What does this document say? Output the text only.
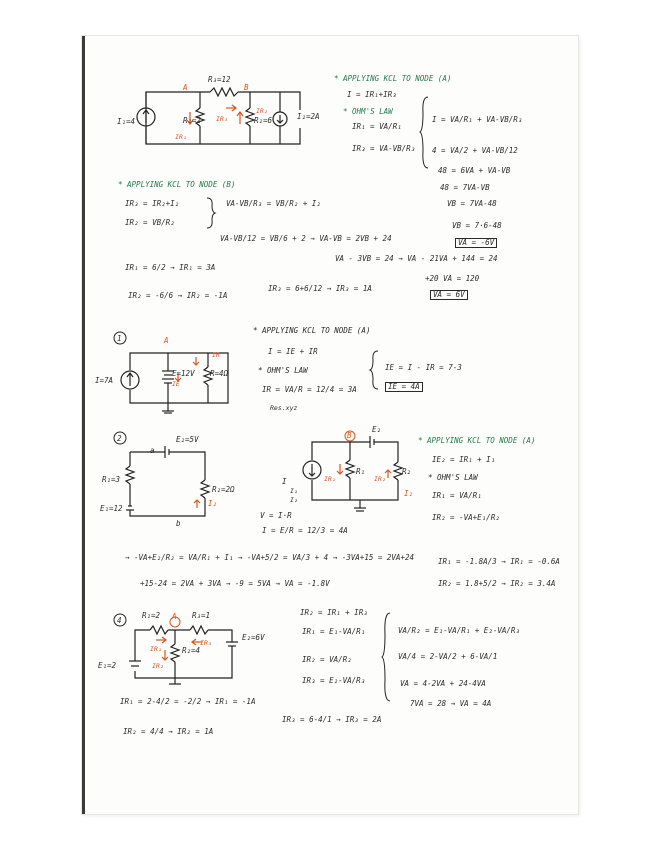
I₁=4	R₁=2	R₂=6
R₃=12
I₂=2A
A	B
IR₁
IR₂
IR₃
* APPLYING KCL TO NODE (A)
I = IR₁+IR₃
* OHM'S LAW
IR₁ = VA/R₁
IR₃ = VA-VB/R₃
I = VA/R₁ + VA-VB/R₃
4 = VA/2 + VA-VB/12
48 = 6VA + VA-VB
48 = 7VA-VB
VB = 7VA-48
VB = 7·6-48
VA = -6V
* APPLYING KCL TO NODE (B)
IR₃ = IR₂+I₂
IR₂ = VB/R₂
VA-VB/R₃ = VB/R₂ + I₂
VA-VB/12 = VB/6 + 2 → VA-VB = 2VB + 24
VA - 3VB = 24 → VA - 21VA + 144 = 24
+20 VA = 120
VA = 6V
IR₁ = 6/2 → IR₁ = 3A
IR₂ = -6/6 → IR₂ = -1A
IR₃ = 6+6/12 → IR₃ = 1A
1
I=7A
E=12V R=4Ω
A
IR
IE
* APPLYING KCL TO NODE (A)
I = IE + IR
* OHM'S LAW
IR = VA/R = 12/4 = 3A
IE = I - IR = 7-3
IE = 4A
Res.xyz
2	E₂=5V
R₁=3
R₂=2Ω
E₁=12
a
b
I₂
B
E₂
R₁	R₂
I₂
IR₁	IR₂
I
I₁
I₂
* APPLYING KCL TO NODE (A)
IE₂ = IR₁ + I₁
* OHM'S LAW
IR₁ = VA/R₁
IR₂ = -VA+E₁/R₂
V = I·R
I = E/R = 12/3 = 4A
→ -VA+E₂/R₂ = VA/R₁ + I₁ → -VA+5/2 = VA/3 + 4 → -3VA+15 = 2VA+24	IR₁ = -1.8A/3 → IR₁ = -0.6A
+15-24 = 2VA + 3VA → -9 = 5VA → VA = -1.8V	IR₂ = 1.8+5/2 → IR₂ = 3.4A
4
R₁=2 A R₃=1
E₂=6V
R₂=4
E₁=2
IR₁
IR₂
IR₃
IR₂ = IR₁ + IR₃
IR₁ = E₁-VA/R₁
IR₂ = VA/R₂
IR₃ = E₂-VA/R₃
VA/R₂ = E₁-VA/R₁ + E₂-VA/R₃
VA/4 = 2-VA/2 + 6-VA/1
VA = 4-2VA + 24-4VA
7VA = 28 → VA = 4A
IR₁ = 2-4/2 = -2/2 → IR₁ = -1A
IR₂ = 4/4 → IR₂ = 1A
IR₃ = 6-4/1 → IR₃ = 2A
